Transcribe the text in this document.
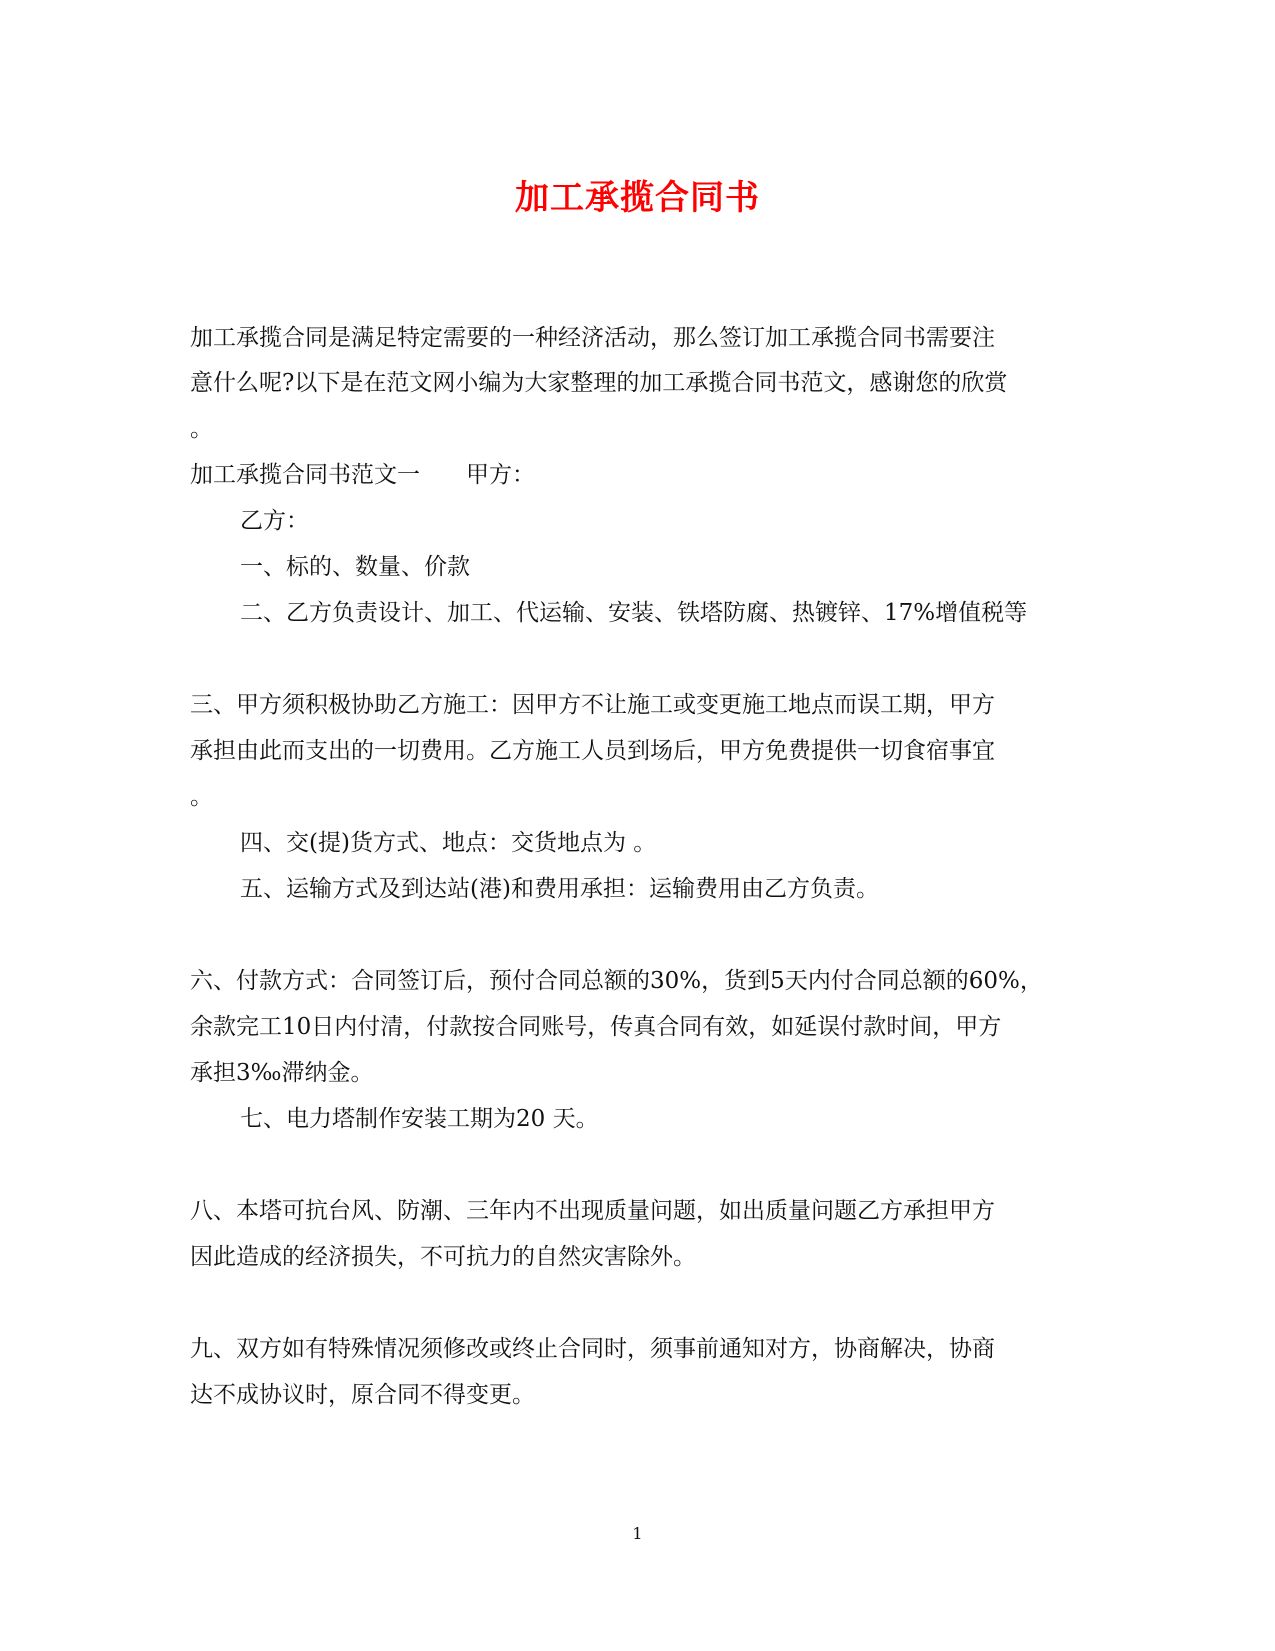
加工承揽合同书
加工承揽合同是满足特定需要的一种经济活动，那么签订加工承揽合同书需要注
意什么呢?以下是在范文网小编为大家整理的加工承揽合同书范文，感谢您的欣赏
。
加工承揽合同书范文一　　甲方：
乙方：
一、标的、数量、价款
二、乙方负责设计、加工、代运输、安装、铁塔防腐、热镀锌、17%增值税等
三、甲方须积极协助乙方施工：因甲方不让施工或变更施工地点而误工期，甲方
承担由此而支出的一切费用。乙方施工人员到场后，甲方免费提供一切食宿事宜
。
四、交(提)货方式、地点：交货地点为 。
五、运输方式及到达站(港)和费用承担：运输费用由乙方负责。
六、付款方式：合同签订后，预付合同总额的30%，货到5天内付合同总额的60%，
余款完工10日内付清，付款按合同账号，传真合同有效，如延误付款时间，甲方
承担3‰滞纳金。
七、电力塔制作安装工期为20 天。
八、本塔可抗台风、防潮、三年内不出现质量问题，如出质量问题乙方承担甲方
因此造成的经济损失，不可抗力的自然灾害除外。
九、双方如有特殊情况须修改或终止合同时，须事前通知对方，协商解决，协商
达不成协议时，原合同不得变更。
1
